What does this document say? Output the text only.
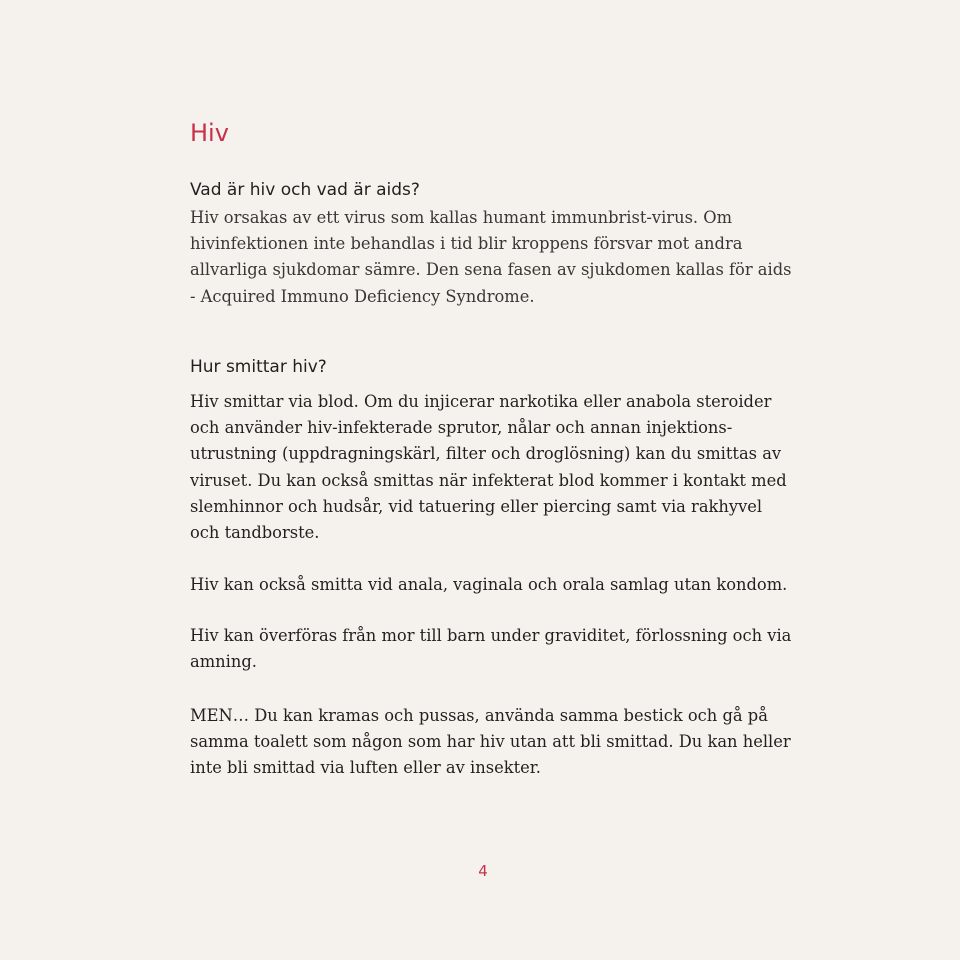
Hiv
Vad är hiv och vad är aids?

Hiv orsakas av ett virus som kallas humant immunbrist-virus. Om
hivinfektionen inte behandlas i tid blir kroppens försvar mot andra
allvarliga sjukdomar sämre. Den sena fasen av sjukdomen kallas för aids
- Acquired Immuno Deficiency Syndrome.

Hur smittar hiv?

Hiv smittar via blod. Om du injicerar narkotika eller anabola steroider
och använder hiv-infekterade sprutor, nålar och annan injektions-
utrustning (uppdragningskärl, filter och droglösning) kan du smittas av
viruset. Du kan också smittas när infekterat blod kommer i kontakt med
slemhinnor och hudsår, vid tatuering eller piercing samt via rakhyvel
och tandborste.

Hiv kan också smitta vid anala, vaginala och orala samlag utan kondom.

Hiv kan överföras från mor till barn under graviditet, förlossning och via
amning.

MEN… Du kan kramas och pussas, använda samma bestick och gå på
samma toalett som någon som har hiv utan att bli smittad. Du kan heller
inte bli smittad via luften eller av insekter.

4
